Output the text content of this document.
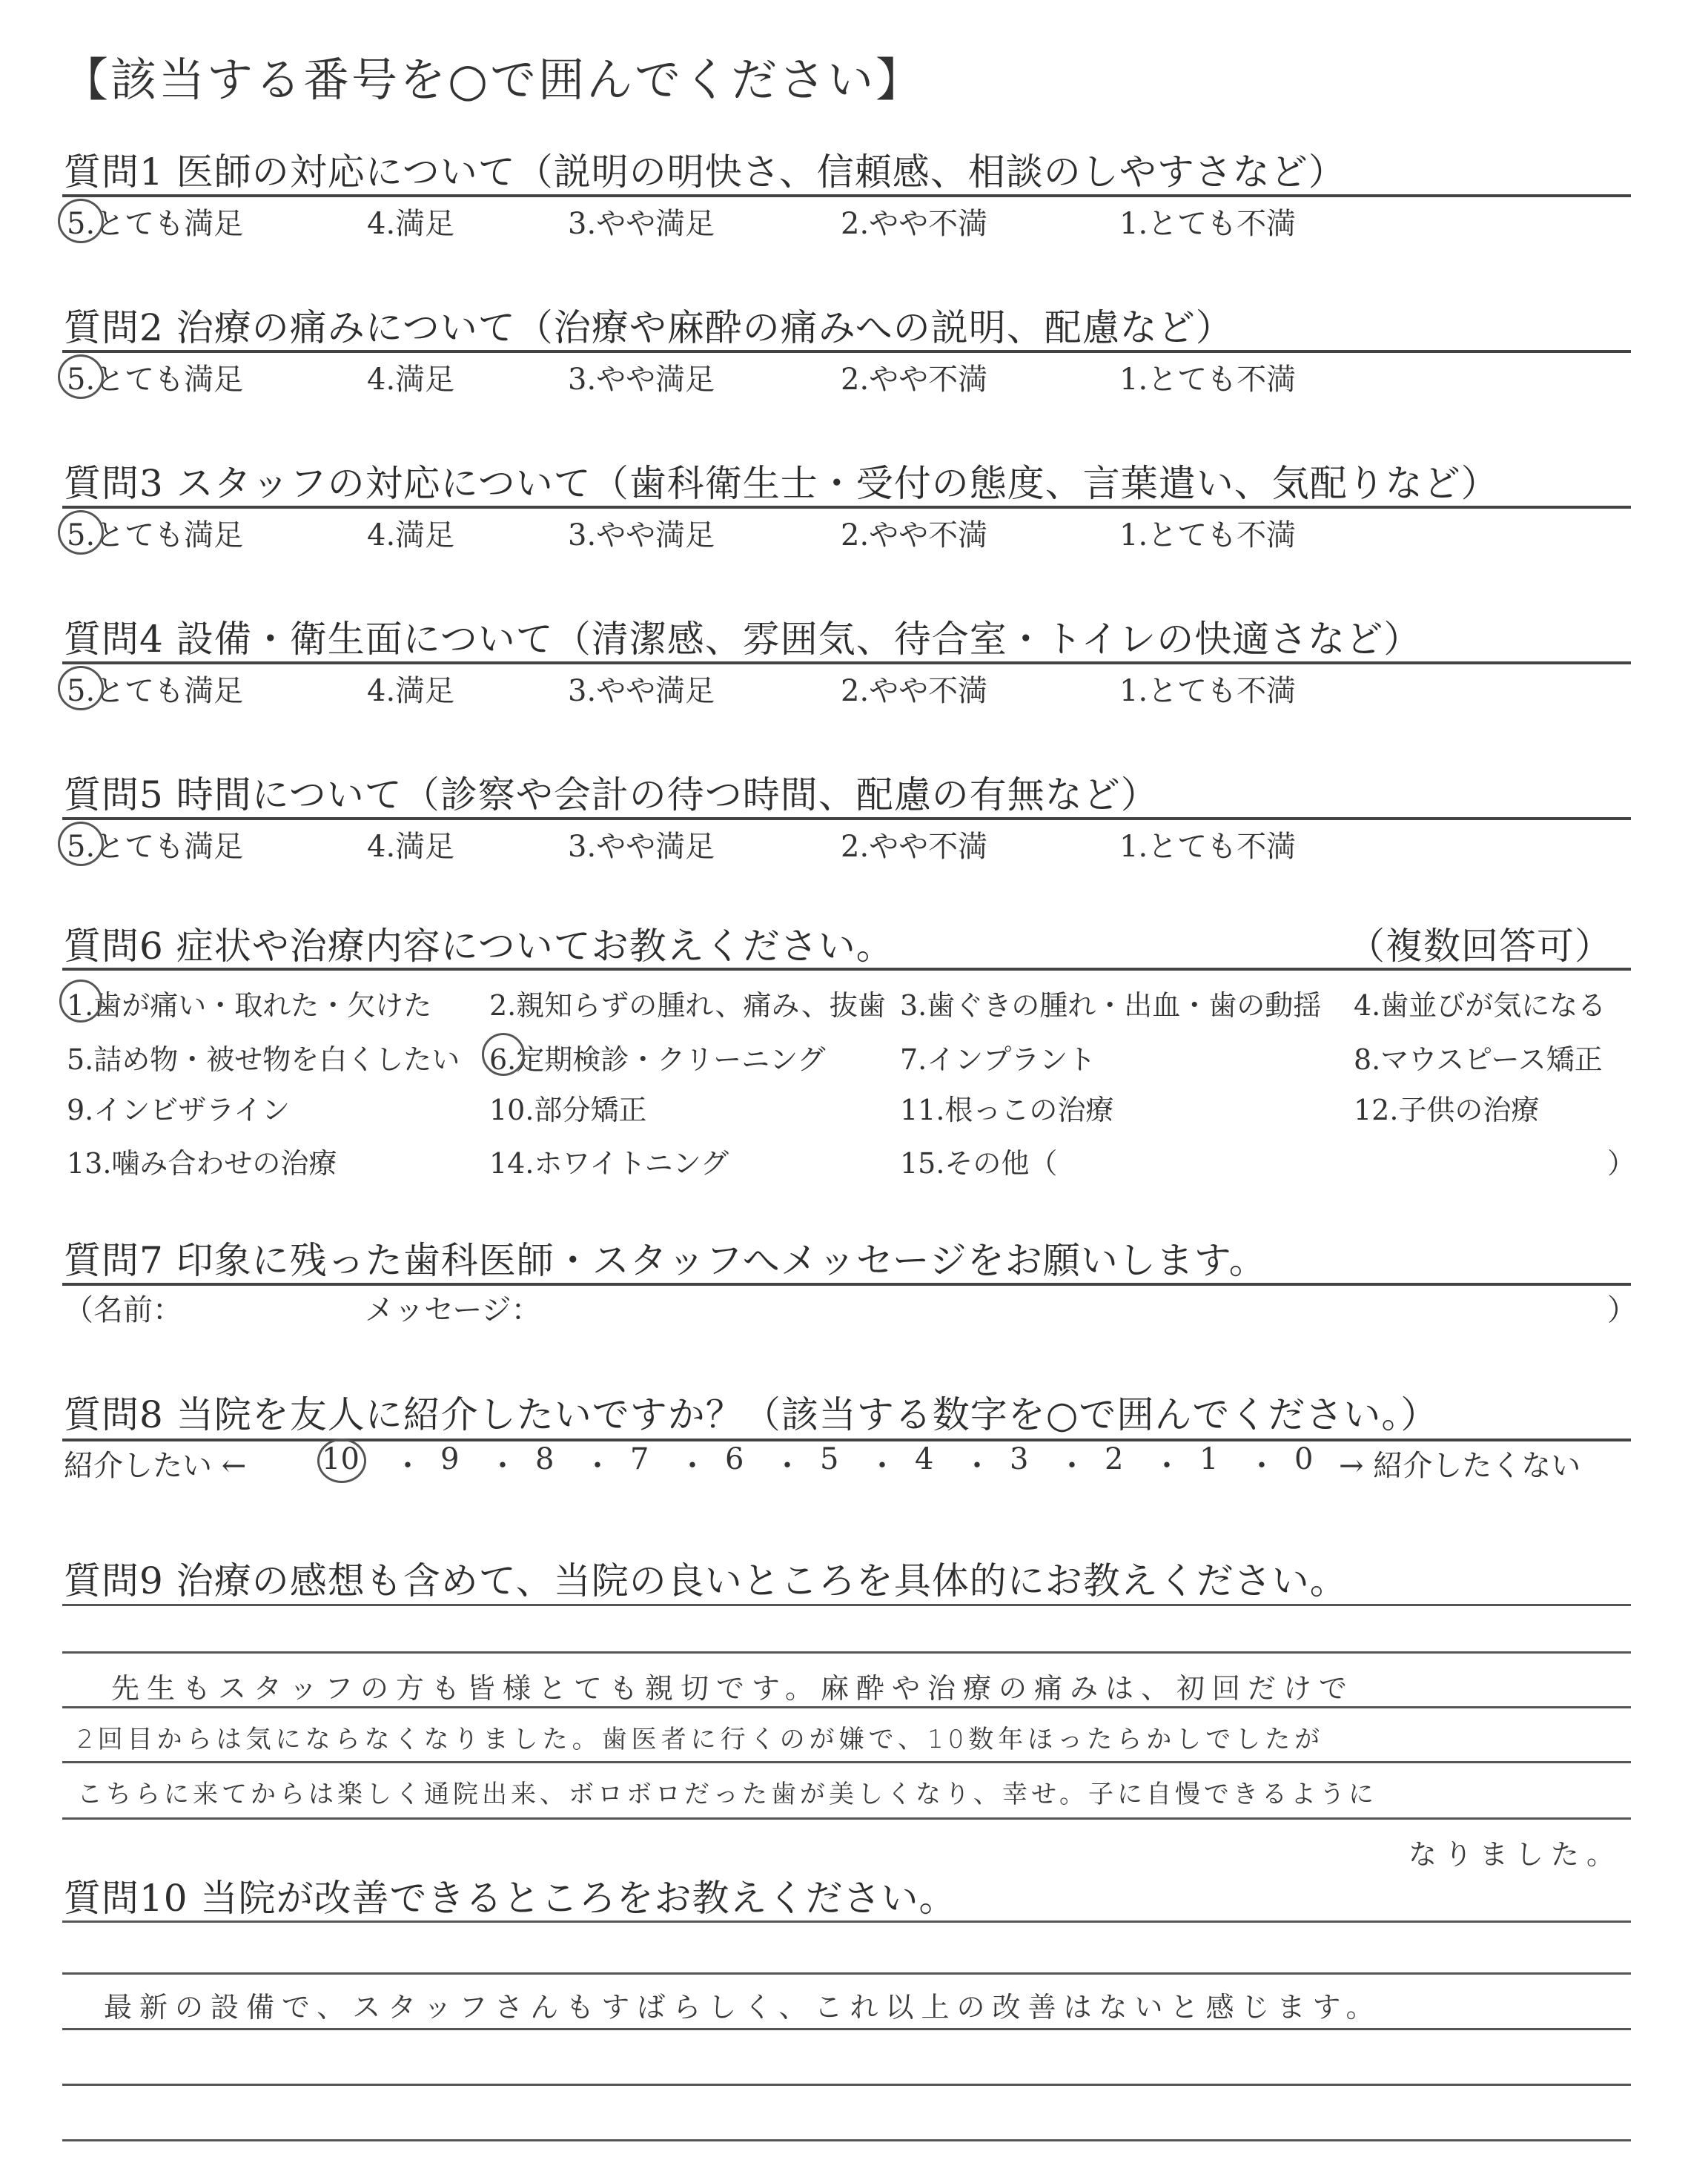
【該当する番号を○で囲んでください】
質問1 医師の対応について（説明の明快さ、信頼感、相談のしやすさなど）
5.とても満足	4.満足	3.やや満足	2.やや不満	1.とても不満
質問2 治療の痛みについて（治療や麻酔の痛みへの説明、配慮など）
5.とても満足	4.満足	3.やや満足	2.やや不満	1.とても不満
質問3 スタッフの対応について（歯科衛生士・受付の態度、言葉遣い、気配りなど）
5.とても満足	4.満足	3.やや満足	2.やや不満	1.とても不満
質問4 設備・衛生面について（清潔感、雰囲気、待合室・トイレの快適さなど）
5.とても満足	4.満足	3.やや満足	2.やや不満	1.とても不満
質問5 時間について（診察や会計の待つ時間、配慮の有無など）
5.とても満足	4.満足	3.やや満足	2.やや不満	1.とても不満
質問6 症状や治療内容についてお教えください。	（複数回答可）
1.歯が痛い・取れた・欠けた 2.親知らずの腫れ、痛み、抜歯 3.歯ぐきの腫れ・出血・歯の動揺 4.歯並びが気になる
5.詰め物・被せ物を白くしたい 6.定期検診・クリーニング	7.インプラント	8.マウスピース矯正
9.インビザライン	10.部分矯正	11.根っこの治療	12.子供の治療
13.噛み合わせの治療	14.ホワイトニング	15.その他（	）
質問7 印象に残った歯科医師・スタッフへメッセージをお願いします。
（名前：	メッセージ：	）
質問8 当院を友人に紹介したいですか？（該当する数字を○で囲んでください。）
紹介したい ←	10 ・ 9 ・ 8 ・ 7 ・ 6 ・ 5 ・ 4 ・ 3 ・ 2 ・ 1 ・ 0 → 紹介したくない
質問9 治療の感想も含めて、当院の良いところを具体的にお教えください。
先生もスタッフの方も皆様とても親切です。麻酔や治療の痛みは、初回だけで
2回目からは気にならなくなりました。歯医者に行くのが嫌で、10数年ほったらかしでしたが
こちらに来てからは楽しく通院出来、ボロボロだった歯が美しくなり、幸せ。子に自慢できるように
なりました。
質問10 当院が改善できるところをお教えください。
最新の設備で、スタッフさんもすばらしく、これ以上の改善はないと感じます。
